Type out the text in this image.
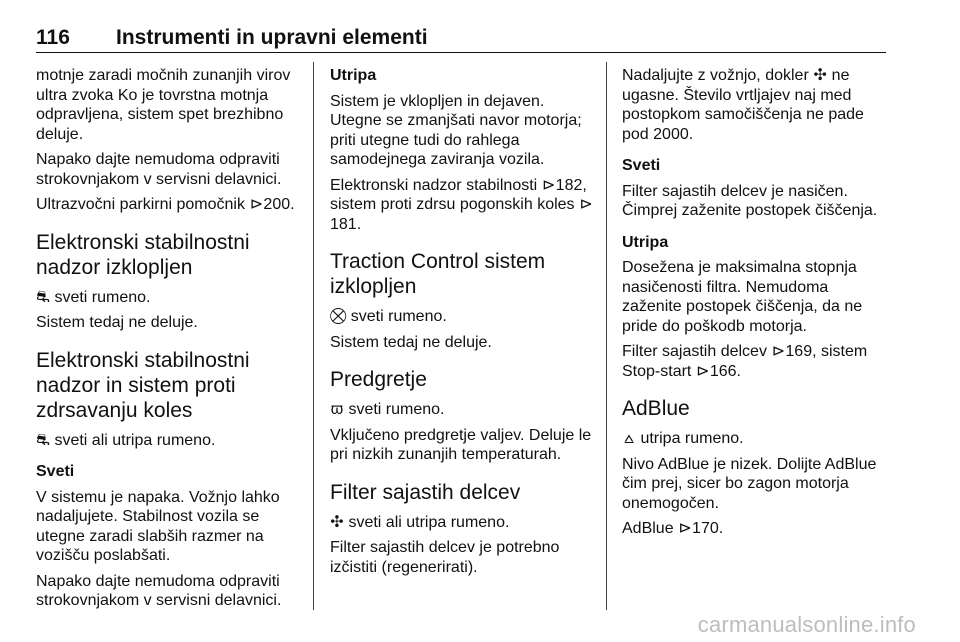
116 Instrumenti in upravni elementi

motnje zaradi močnih zunanjih virov ultra zvoka Ko je tovrstna motnja odpravljena, sistem spet brezhibno deluje.

Napako dajte nemudoma odpraviti strokovnjakom v servisni delavnici.

Ultrazvočni parkirni pomočnik ⊳200.

Elektronski stabilnostni nadzor izklopljen

⛐ sveti rumeno.

Sistem tedaj ne deluje.

Elektronski stabilnostni nadzor in sistem proti zdrsavanju koles

⛐ sveti ali utripa rumeno.

Sveti

V sistemu je napaka. Vožnjo lahko nadaljujete. Stabilnost vozila se utegne zaradi slabših razmer na vozišču poslabšati.

Napako dajte nemudoma odpraviti strokovnjakom v servisni delavnici.

Utripa

Sistem je vklopljen in dejaven. Utegne se zmanjšati navor motorja; priti utegne tudi do rahlega samodejnega zaviranja vozila.

Elektronski nadzor stabilnosti ⊳182, sistem proti zdrsu pogonskih koles ⊳181.

Traction Control sistem izklopljen

⛒ sveti rumeno.

Sistem tedaj ne deluje.

Predgretje

ϖ sveti rumeno.

Vključeno predgretje valjev. Deluje le pri nizkih zunanjih temperaturah.

Filter sajastih delcev

✣ sveti ali utripa rumeno.

Filter sajastih delcev je potrebno izčistiti (regenerirati).

Nadaljujte z vožnjo, dokler ✣ ne ugasne. Število vrtljajev naj med postopkom samočiščenja ne pade pod 2000.

Sveti

Filter sajastih delcev je nasičen. Čimprej zaženite postopek čiščenja.

Utripa

Dosežena je maksimalna stopnja nasičenosti filtra. Nemudoma zaženite postopek čiščenja, da ne pride do poškodb motorja.

Filter sajastih delcev ⊳169, sistem Stop-start ⊳166.

AdBlue

⩟ utripa rumeno.

Nivo AdBlue je nizek. Dolijte AdBlue čim prej, sicer bo zagon motorja onemogočen.

AdBlue ⊳170.

carmanualsonline.info
